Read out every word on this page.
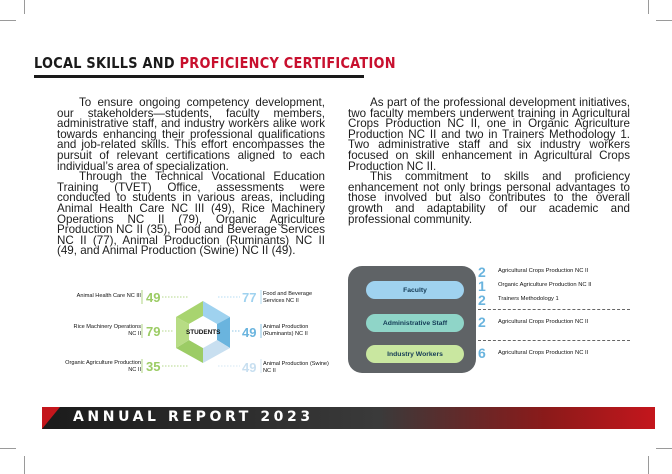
LOCAL SKILLS AND PROFICIENCY CERTIFICATION

To ensure ongoing competency development, our stakeholders—students, faculty members, administrative staff, and industry workers alike work towards enhancing their professional qualifications and job-related skills. This effort encompasses the pursuit of relevant certifications aligned to each individual’s area of specialization.

Through the Technical Vocational Education Training (TVET) Office, assessments were conducted to students in various areas, including Animal Health Care NC III (49), Rice Machinery Operations NC II (79), Organic Agriculture Production NC II (35), Food and Beverage Services NC II (77), Animal Production (Ruminants) NC II (49, and Animal Production (Swine) NC II (49).

As part of the professional development initiatives, two faculty members underwent training in Agricultural Crops Production NC II, one in Organic Agriculture Production NC II and two in Trainers Methodology 1. Two administrative staff and six industry workers focused on skill enhancement in Agricultural Crops Production NC II.

This commitment to skills and proficiency enhancement not only brings personal advantages to those involved but also contributes to the overall growth and adaptability of our academic and professional community.

Animal Health Care NC III
Rice Machinery Operations NC II
Organic Agriculture Production NC II
49
79
35
77
49
49
Food and Beverage Services NC II
Animal Production (Ruminants) NC II
Animal Production (Swine) NC II
STUDENTS
Faculty
Administrative Staff
Industry Workers
2
1
2
2
6
Agricultural Crops Production NC II
Organic Agriculture Production NC II
Trainers Methodology 1
Agricultural Crops Production NC II
Agricultural Crops Production NC II
ANNUAL REPORT 2023
